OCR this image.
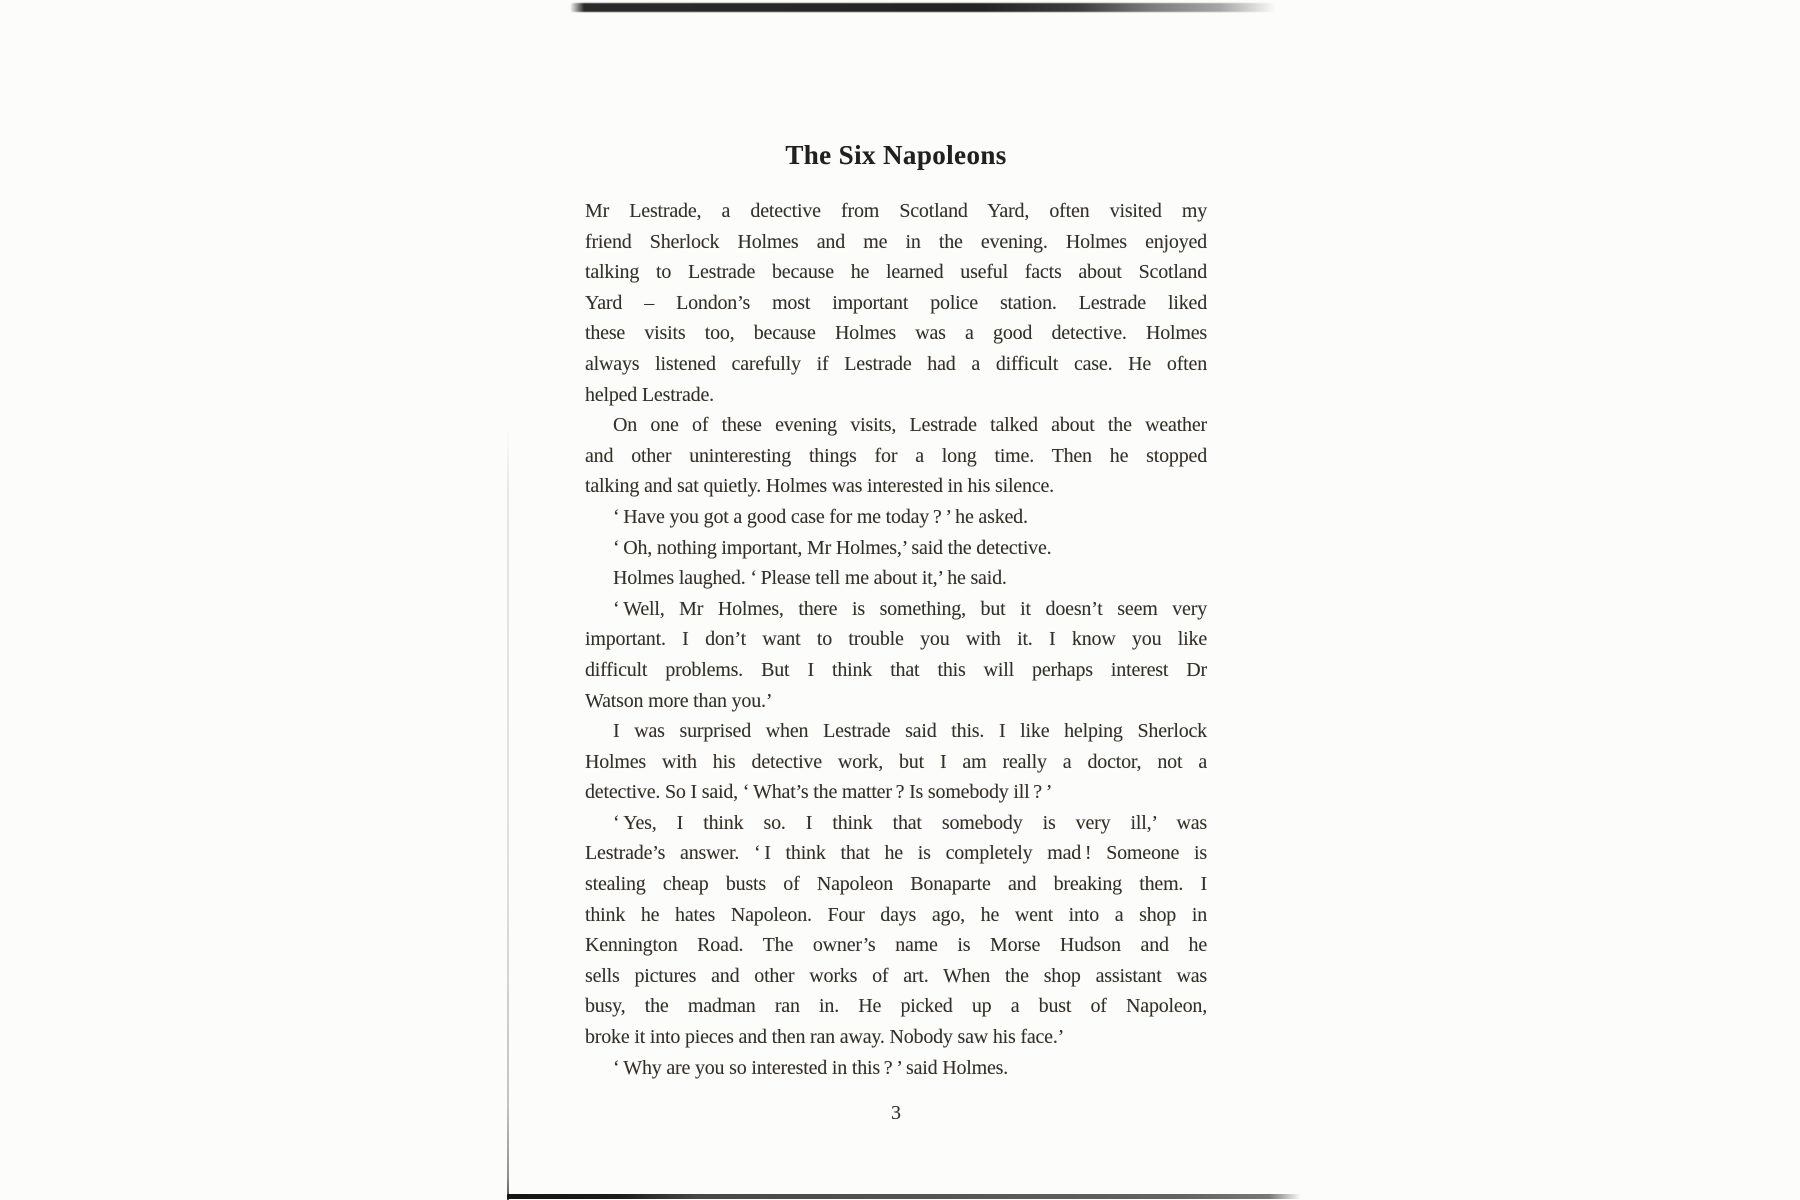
The Six Napoleons
Mr Lestrade, a detective from Scotland Yard, often visited my
friend Sherlock Holmes and me in the evening. Holmes enjoyed
talking to Lestrade because he learned useful facts about Scotland
Yard – London’s most important police station. Lestrade liked
these visits too, because Holmes was a good detective. Holmes
always listened carefully if Lestrade had a difficult case. He often
helped Lestrade.
On one of these evening visits, Lestrade talked about the weather
and other uninteresting things for a long time. Then he stopped
talking and sat quietly. Holmes was interested in his silence.
‘ Have you got a good case for me today ? ’ he asked.
‘ Oh, nothing important, Mr Holmes,’ said the detective.
Holmes laughed. ‘ Please tell me about it,’ he said.
‘ Well, Mr Holmes, there is something, but it doesn’t seem very
important. I don’t want to trouble you with it. I know you like
difficult problems. But I think that this will perhaps interest Dr
Watson more than you.’
I was surprised when Lestrade said this. I like helping Sherlock
Holmes with his detective work, but I am really a doctor, not a
detective. So I said, ‘ What’s the matter ? Is somebody ill ? ’
‘ Yes, I think so. I think that somebody is very ill,’ was
Lestrade’s answer. ‘ I think that he is completely mad ! Someone is
stealing cheap busts of Napoleon Bonaparte and breaking them. I
think he hates Napoleon. Four days ago, he went into a shop in
Kennington Road. The owner’s name is Morse Hudson and he
sells pictures and other works of art. When the shop assistant was
busy, the madman ran in. He picked up a bust of Napoleon,
broke it into pieces and then ran away. Nobody saw his face.’
‘ Why are you so interested in this ? ’ said Holmes.
3
